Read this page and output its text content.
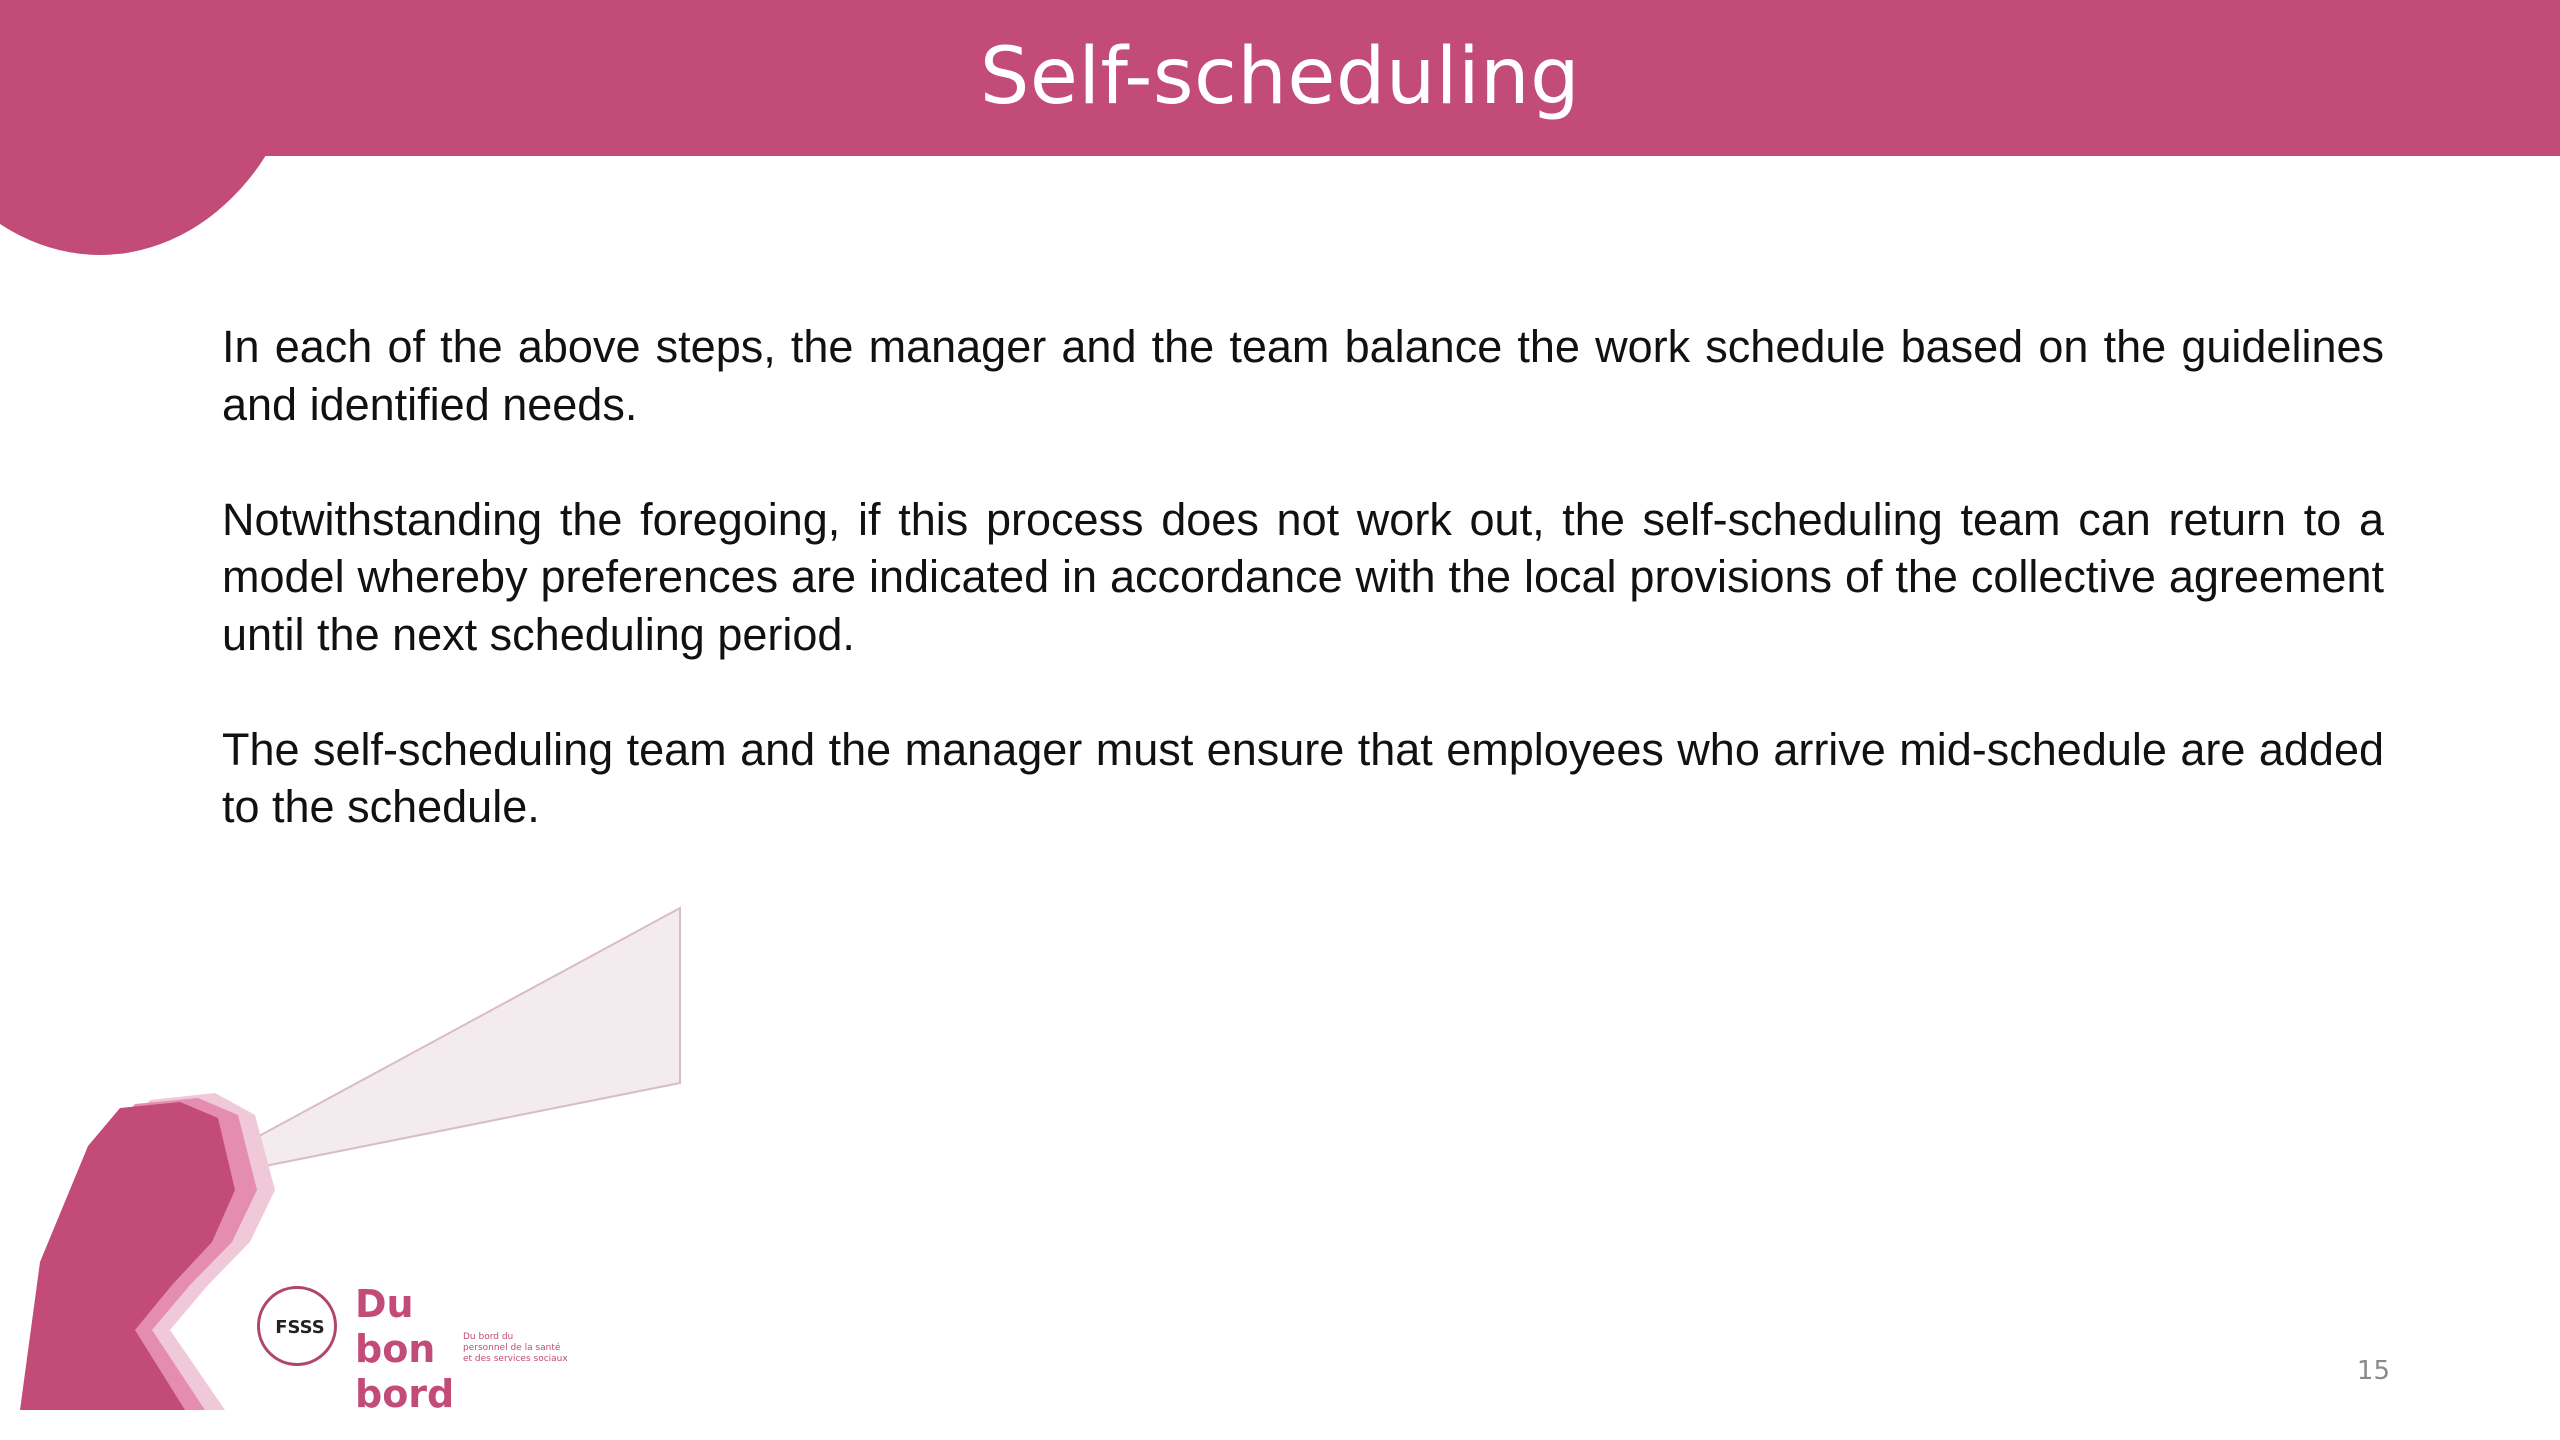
Self-scheduling

In each of the above steps, the manager and the team balance the work schedule based on the guidelines and identified needs.

Notwithstanding the foregoing, if this process does not work out, the self-scheduling team can return to a model whereby preferences are indicated in accordance with the local provisions of the collective agreement until the next scheduling period.

The self-scheduling team and the manager must ensure that employees who arrive mid-schedule are added to the schedule.

FSSS
Du bon
bord
Du bord du
personnel de la santé
et des services sociaux	15
